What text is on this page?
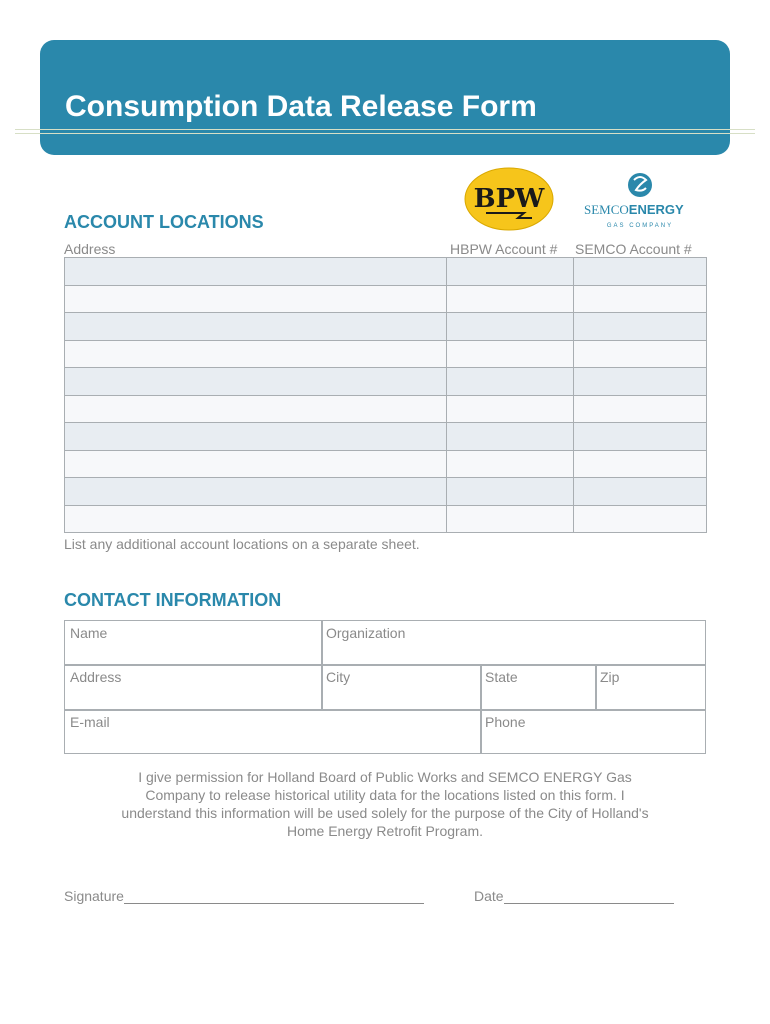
Consumption Data Release Form
BPW	SEMCOENERGY
GAS COMPANY
ACCOUNT LOCATIONS
Address	HBPW Account # SEMCO Account #

List any additional account locations on a separate sheet.
CONTACT INFORMATION
Name	Organization
Address	City	State	Zip
E-mail	Phone
I give permission for Holland Board of Public Works and SEMCO ENERGY Gas Company to release historical utility data for the locations listed on this form. I understand this information will be used solely for the purpose of the City of Holland's Home Energy Retrofit Program.
Signature	Date
